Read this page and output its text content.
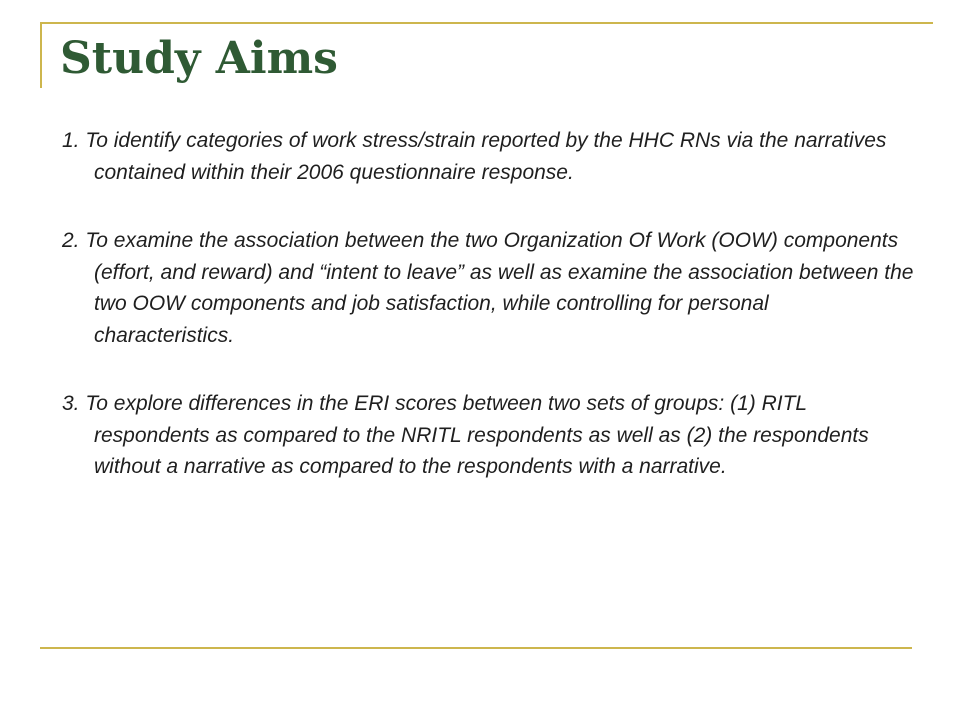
Study Aims
1. To identify categories of work stress/strain reported by the HHC RNs via the narratives contained within their 2006 questionnaire response.
2. To examine the association between the two Organization Of Work (OOW) components (effort, and reward) and “intent to leave” as well as examine the association between the two OOW components and job satisfaction, while controlling for personal characteristics.
3. To explore differences in the ERI scores between two sets of groups: (1) RITL respondents as compared to the NRITL respondents as well as (2) the respondents without a narrative as compared to the respondents with a narrative.
